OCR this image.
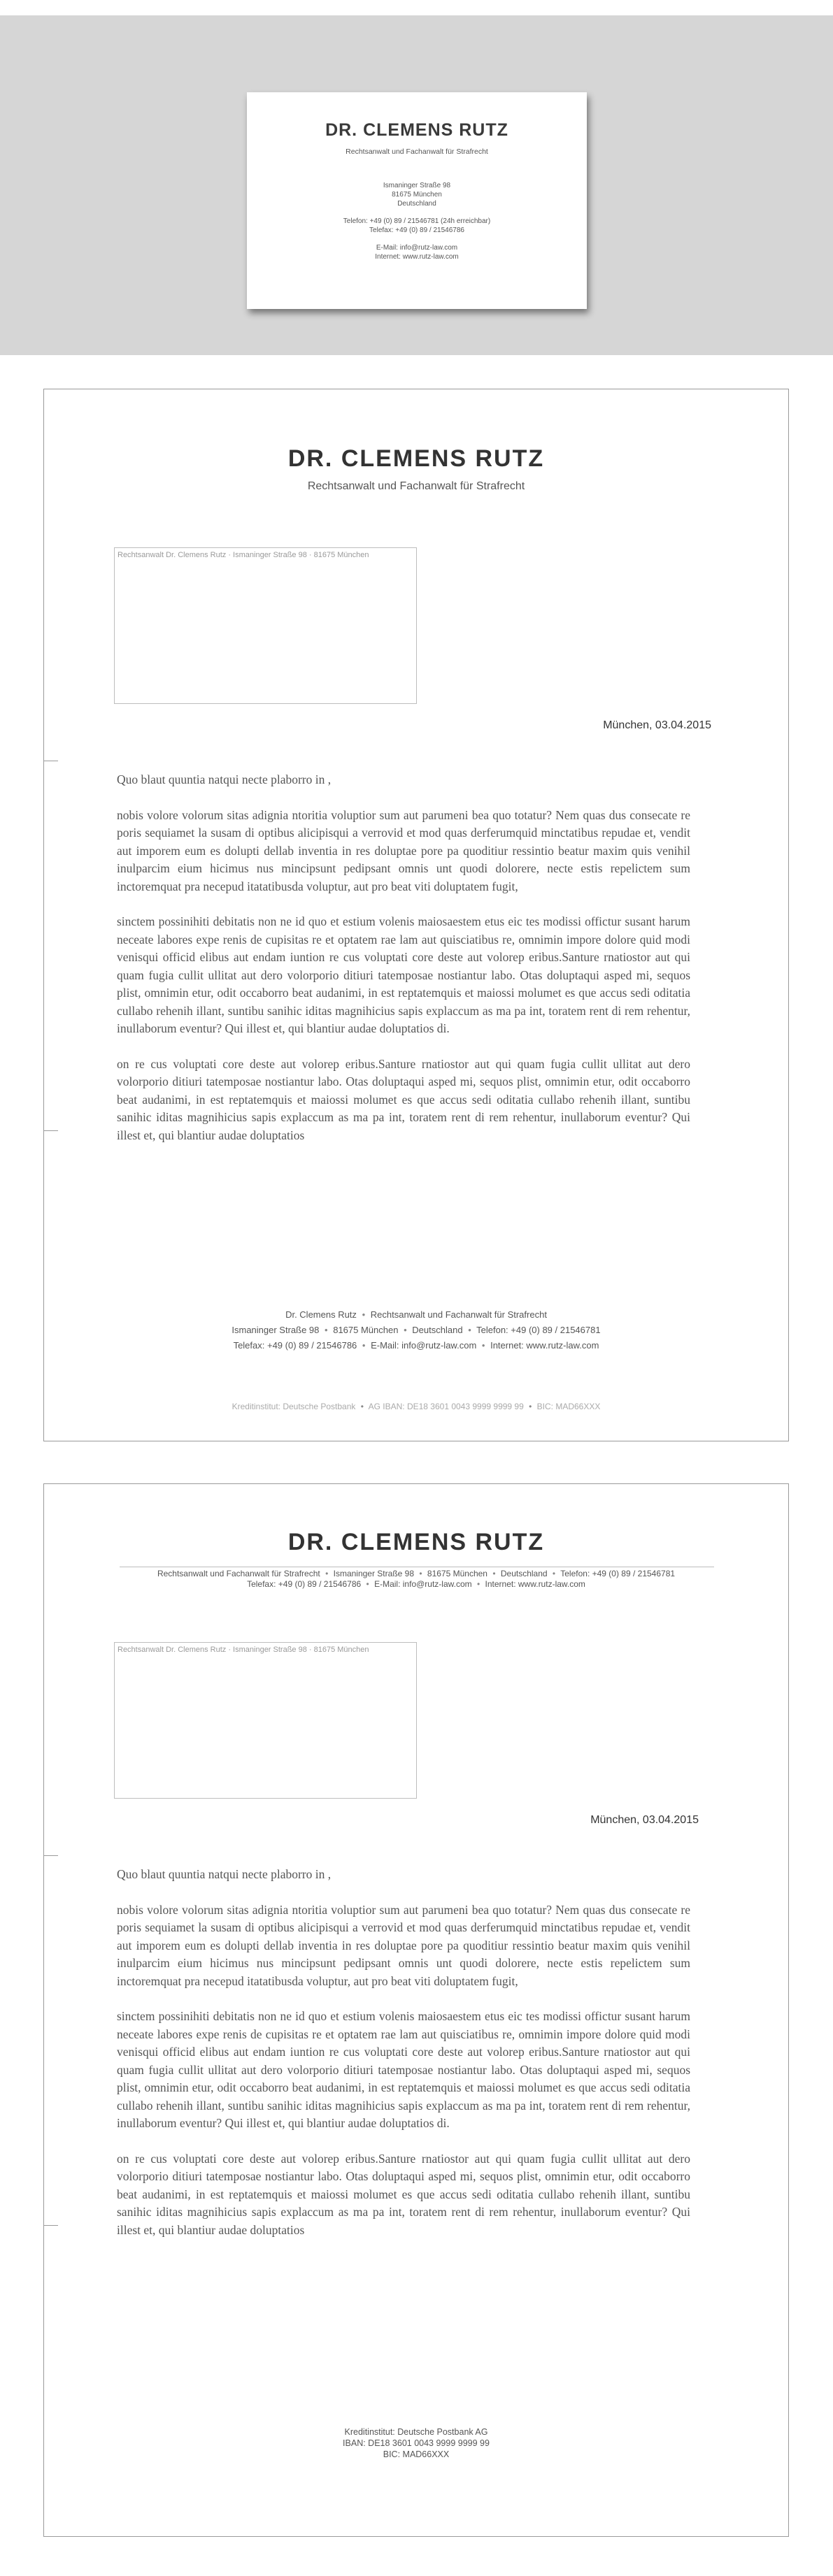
DR. CLEMENS RUTZ
Rechtsanwalt und Fachanwalt für Strafrecht
Ismaninger Straße 98
81675 München
Deutschland
Telefon: +49 (0) 89 / 21546781 (24h erreichbar)
Telefax: +49 (0) 89 / 21546786
E-Mail: info@rutz-law.com
Internet: www.rutz-law.com
DR. CLEMENS RUTZ
Rechtsanwalt und Fachanwalt für Strafrecht
Rechtsanwalt Dr. Clemens Rutz · Ismaninger Straße 98 · 81675 München
München, 03.04.2015

Quo blaut quuntia natqui necte plaborro in ,

nobis volore volorum sitas adignia ntoritia voluptior sum aut parumeni bea quo totatur? Nem quas dus consecate re poris sequiamet la susam di optibus alicipisqui a verrovid et mod quas derferumquid minctatibus repudae et, vendit aut imporem eum es dolupti dellab inventia in res doluptae pore pa quoditiur ressintio beatur maxim quis venihil inulparcim eium hicimus nus mincipsunt pedipsant omnis unt quodi dolorere, necte estis repelictem sum inctoremquat pra necepud itatatibusda voluptur, aut pro beat viti doluptatem fugit,

sinctem possinihiti debitatis non ne id quo et estium volenis maiosaestem etus eic tes modissi offictur susant harum neceate labores expe renis de cupisitas re et optatem rae lam aut quisciatibus re, omnimin impore dolore quid modi venisqui officid elibus aut endam iuntion re cus voluptati core deste aut volorep eribus.Santure rnatiostor aut qui quam fugia cullit ullitat aut dero volorporio ditiuri tatemposae nostiantur labo. Otas doluptaqui asped mi, sequos plist, omnimin etur, odit occaborro beat audanimi, in est reptatemquis et maiossi molumet es que accus sedi oditatia cullabo rehenih illant, suntibu sanihic iditas magnihicius sapis explaccum as ma pa int, toratem rent di rem rehentur, inullaborum eventur? Qui illest et, qui blantiur audae doluptatios di.

on re cus voluptati core deste aut volorep eribus.Santure rnatiostor aut qui quam fugia cullit ullitat aut dero volorporio ditiuri tatemposae nostiantur labo. Otas doluptaqui asped mi, sequos plist, omnimin etur, odit occaborro beat audanimi, in est reptatemquis et maiossi molumet es que accus sedi oditatia cullabo rehenih illant, suntibu sanihic iditas magnihicius sapis explaccum as ma pa int, toratem rent di rem rehentur, inullaborum eventur? Qui illest et, qui blantiur audae doluptatios

Dr. Clemens Rutz • Rechtsanwalt und Fachanwalt für Strafrecht
Ismaninger Straße 98 • 81675 München • Deutschland • Telefon: +49 (0) 89 / 21546781
Telefax: +49 (0) 89 / 21546786 • E-Mail: info@rutz-law.com • Internet: www.rutz-law.com
Kreditinstitut: Deutsche Postbank • AG IBAN: DE18 3601 0043 9999 9999 99 • BIC: MAD66XXX
DR. CLEMENS RUTZ
Rechtsanwalt und Fachanwalt für Strafrecht • Ismaninger Straße 98 • 81675 München • Deutschland • Telefon: +49 (0) 89 / 21546781
Telefax: +49 (0) 89 / 21546786 • E-Mail: info@rutz-law.com • Internet: www.rutz-law.com
Rechtsanwalt Dr. Clemens Rutz · Ismaninger Straße 98 · 81675 München
München, 03.04.2015

Quo blaut quuntia natqui necte plaborro in ,

nobis volore volorum sitas adignia ntoritia voluptior sum aut parumeni bea quo totatur? Nem quas dus consecate re poris sequiamet la susam di optibus alicipisqui a verrovid et mod quas derferumquid minctatibus repudae et, vendit aut imporem eum es dolupti dellab inventia in res doluptae pore pa quoditiur ressintio beatur maxim quis venihil inulparcim eium hicimus nus mincipsunt pedipsant omnis unt quodi dolorere, necte estis repelictem sum inctoremquat pra necepud itatatibusda voluptur, aut pro beat viti doluptatem fugit,

sinctem possinihiti debitatis non ne id quo et estium volenis maiosaestem etus eic tes modissi offictur susant harum neceate labores expe renis de cupisitas re et optatem rae lam aut quisciatibus re, omnimin impore dolore quid modi venisqui officid elibus aut endam iuntion re cus voluptati core deste aut volorep eribus.Santure rnatiostor aut qui quam fugia cullit ullitat aut dero volorporio ditiuri tatemposae nostiantur labo. Otas doluptaqui asped mi, sequos plist, omnimin etur, odit occaborro beat audanimi, in est reptatemquis et maiossi molumet es que accus sedi oditatia cullabo rehenih illant, suntibu sanihic iditas magnihicius sapis explaccum as ma pa int, toratem rent di rem rehentur, inullaborum eventur? Qui illest et, qui blantiur audae doluptatios di.

on re cus voluptati core deste aut volorep eribus.Santure rnatiostor aut qui quam fugia cullit ullitat aut dero volorporio ditiuri tatemposae nostiantur labo. Otas doluptaqui asped mi, sequos plist, omnimin etur, odit occaborro beat audanimi, in est reptatemquis et maiossi molumet es que accus sedi oditatia cullabo rehenih illant, suntibu sanihic iditas magnihicius sapis explaccum as ma pa int, toratem rent di rem rehentur, inullaborum eventur? Qui illest et, qui blantiur audae doluptatios

Kreditinstitut: Deutsche Postbank AG
IBAN: DE18 3601 0043 9999 9999 99
BIC: MAD66XXX
